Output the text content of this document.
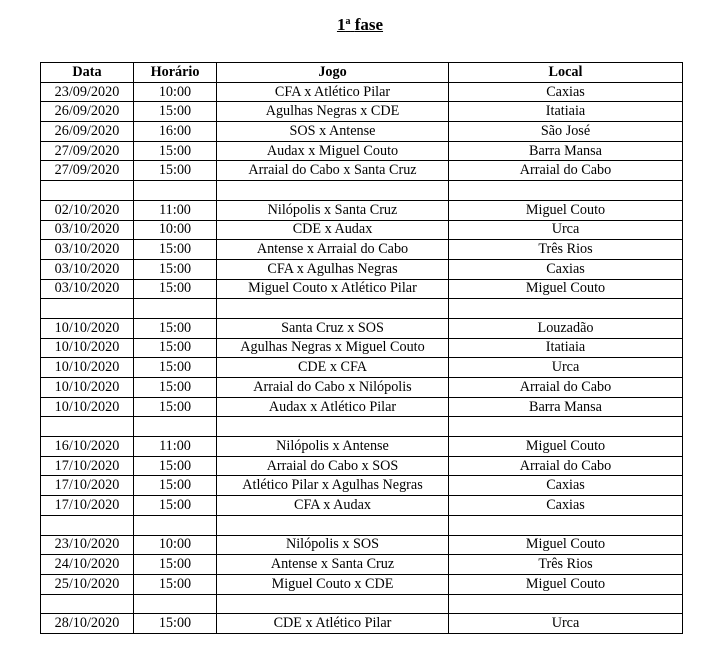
1$^a$ fase
Data	Horário	Jogo	Local
23/09/2020	10:00	CFA x Atlético Pilar	Caxias
26/09/2020	15:00	Agulhas Negras x CDE	Itatiaia
26/09/2020	16:00	SOS x Antense	São José
27/09/2020	15:00	Audax x Miguel Couto	Barra Mansa
27/09/2020	15:00	Arraial do Cabo x Santa Cruz	Arraial do Cabo

02/10/2020	11:00	Nilópolis x Santa Cruz	Miguel Couto
03/10/2020	10:00	CDE x Audax	Urca
03/10/2020	15:00	Antense x Arraial do Cabo	Três Rios
03/10/2020	15:00	CFA x Agulhas Negras	Caxias
03/10/2020	15:00	Miguel Couto x Atlético Pilar	Miguel Couto

10/10/2020	15:00	Santa Cruz x SOS	Louzadão
10/10/2020	15:00	Agulhas Negras x Miguel Couto	Itatiaia
10/10/2020	15:00	CDE x CFA	Urca
10/10/2020	15:00	Arraial do Cabo x Nilópolis	Arraial do Cabo
10/10/2020	15:00	Audax x Atlético Pilar	Barra Mansa

16/10/2020	11:00	Nilópolis x Antense	Miguel Couto
17/10/2020	15:00	Arraial do Cabo x SOS	Arraial do Cabo
17/10/2020	15:00	Atlético Pilar x Agulhas Negras	Caxias
17/10/2020	15:00	CFA x Audax	Caxias

23/10/2020	10:00	Nilópolis x SOS	Miguel Couto
24/10/2020	15:00	Antense x Santa Cruz	Três Rios
25/10/2020	15:00	Miguel Couto x CDE	Miguel Couto

28/10/2020	15:00	CDE x Atlético Pilar	Urca
